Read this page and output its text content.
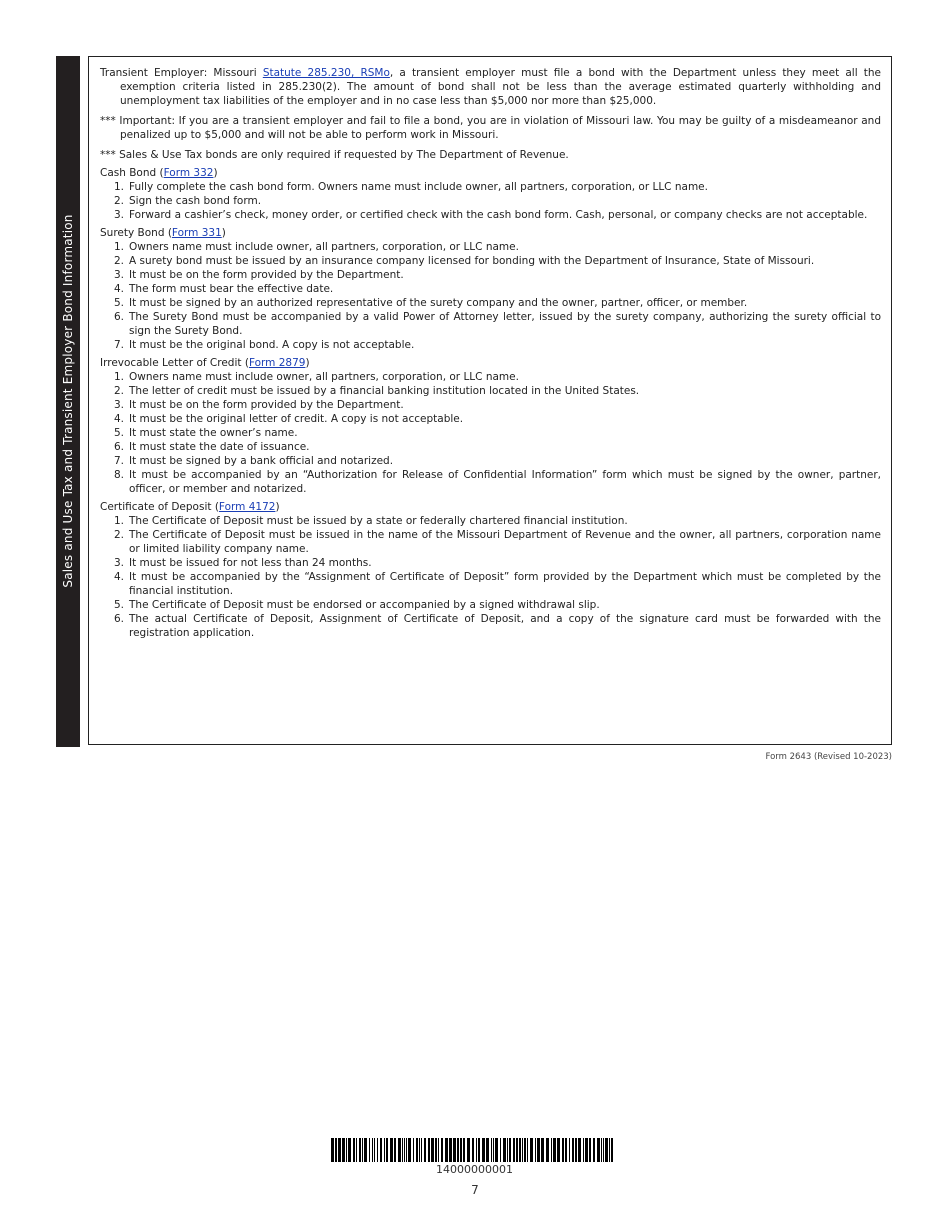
Sales and Use Tax and Transient Employer Bond Information

Transient Employer: Missouri Statute 285.230, RSMo, a transient employer must file a bond with the Department unless they meet all the exemption criteria listed in 285.230(2). The amount of bond shall not be less than the average estimated quarterly withholding and unemployment tax liabilities of the employer and in no case less than $5,000 nor more than $25,000.

*** Important: If you are a transient employer and fail to file a bond, you are in violation of Missouri law. You may be guilty of a misdeameanor and penalized up to $5,000 and will not be able to perform work in Missouri.

*** Sales & Use Tax bonds are only required if requested by The Department of Revenue.

Cash Bond (Form 332)

1. Fully complete the cash bond form. Owners name must include owner, all partners, corporation, or LLC name.
2. Sign the cash bond form.
3. Forward a cashier’s check, money order, or certified check with the cash bond form. Cash, personal, or company checks are not acceptable.

Surety Bond (Form 331)

1. Owners name must include owner, all partners, corporation, or LLC name.
2. A surety bond must be issued by an insurance company licensed for bonding with the Department of Insurance, State of Missouri.
3. It must be on the form provided by the Department.
4. The form must bear the effective date.
5. It must be signed by an authorized representative of the surety company and the owner, partner, officer, or member.
6. The Surety Bond must be accompanied by a valid Power of Attorney letter, issued by the surety company, authorizing the surety official to sign the Surety Bond.
7. It must be the original bond. A copy is not acceptable.

Irrevocable Letter of Credit (Form 2879)

1. Owners name must include owner, all partners, corporation, or LLC name.
2. The letter of credit must be issued by a financial banking institution located in the United States.
3. It must be on the form provided by the Department.
4. It must be the original letter of credit. A copy is not acceptable.
5. It must state the owner’s name.
6. It must state the date of issuance.
7. It must be signed by a bank official and notarized.
8. It must be accompanied by an “Authorization for Release of Confidential Information” form which must be signed by the owner, partner, officer, or member and notarized.

Certificate of Deposit (Form 4172)

1. The Certificate of Deposit must be issued by a state or federally chartered financial institution.
2. The Certificate of Deposit must be issued in the name of the Missouri Department of Revenue and the owner, all partners, corporation name or limited liability company name.
3. It must be issued for not less than 24 months.
4. It must be accompanied by the “Assignment of Certificate of Deposit” form provided by the Department which must be completed by the financial institution.
5. The Certificate of Deposit must be endorsed or accompanied by a signed withdrawal slip.
6. The actual Certificate of Deposit, Assignment of Certificate of Deposit, and a copy of the signature card must be forwarded with the registration application.
Form 2643 (Revised 10-2023)
14000000001
7
